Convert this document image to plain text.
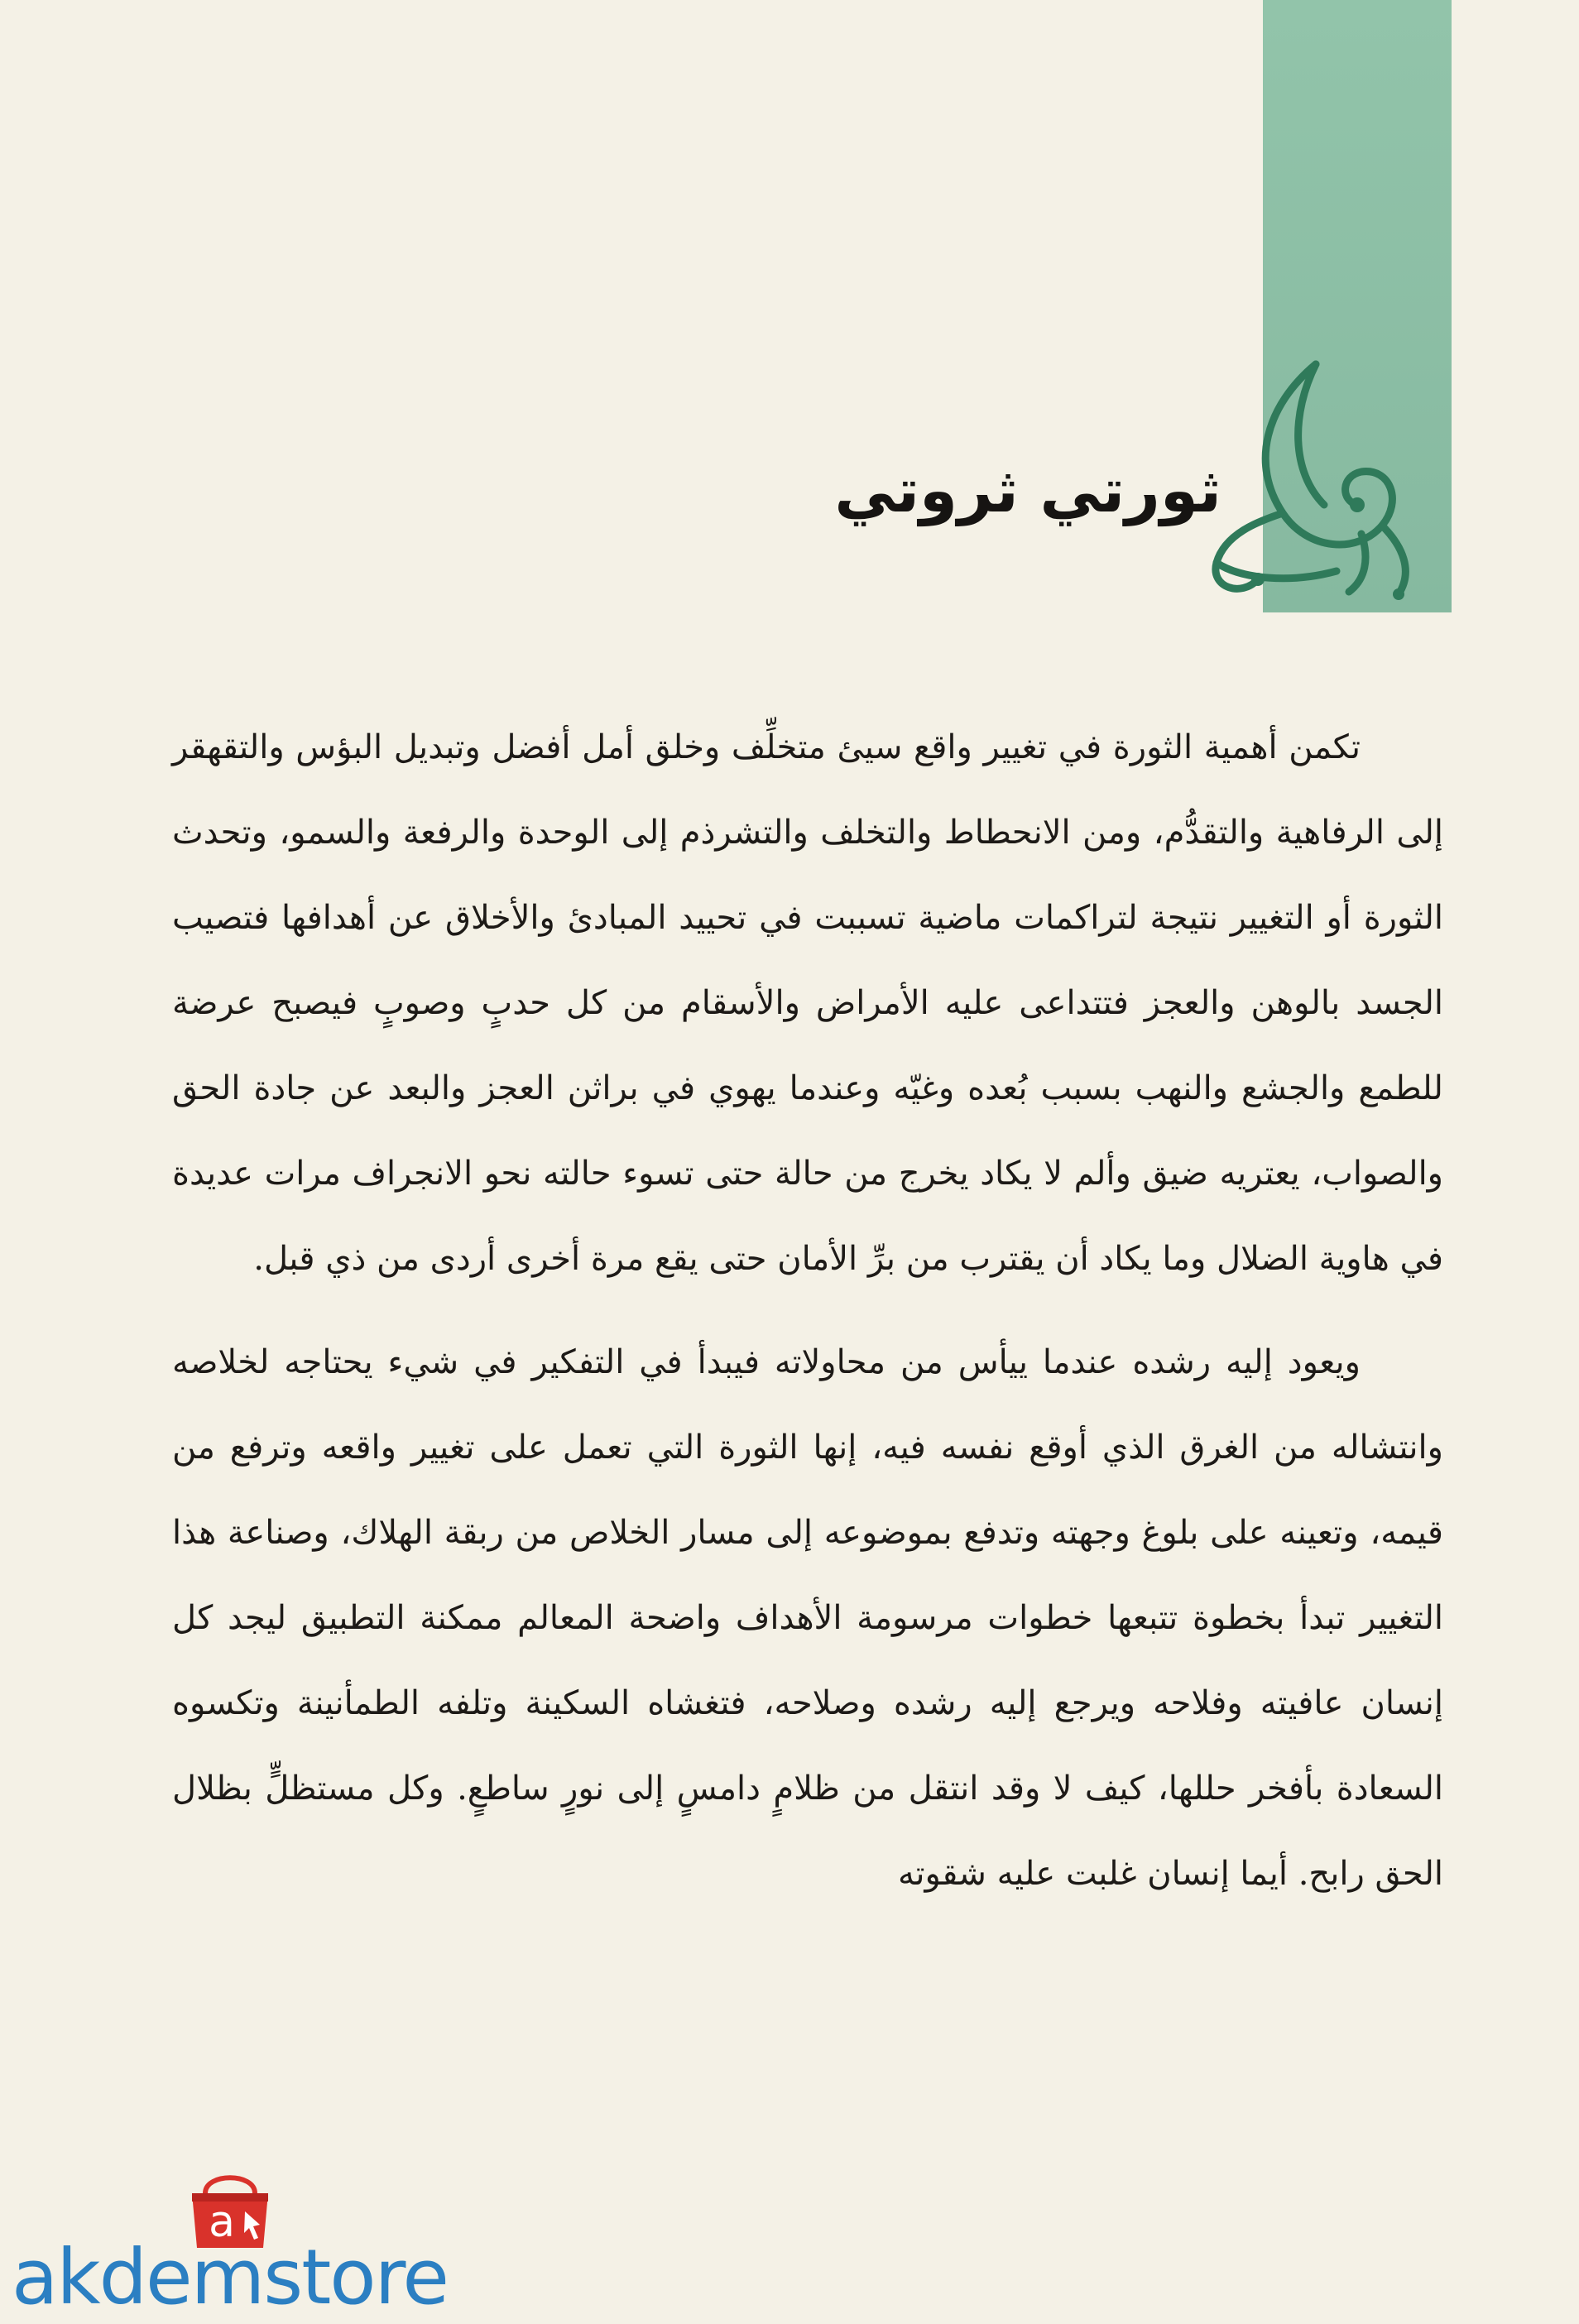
ثورتي ثروتي

تكمن أهمية الثورة في تغيير واقع سيئ متخلِّف وخلق أمل أفضل وتبديل البؤس والتقهقر إلى الرفاهية والتقدُّم، ومن الانحطاط والتخلف والتشرذم إلى الوحدة والرفعة والسمو، وتحدث الثورة أو التغيير نتيجة لتراكمات ماضية تسببت في تحييد المبادئ والأخلاق عن أهدافها فتصيب الجسد بالوهن والعجز فتتداعى عليه الأمراض والأسقام من كل حدبٍ وصوبٍ فيصبح عرضة للطمع والجشع والنهب بسبب بُعده وغيّه وعندما يهوي في براثن العجز والبعد عن جادة الحق والصواب، يعتريه ضيق وألم لا يكاد يخرج من حالة حتى تسوء حالته نحو الانجراف مرات عديدة في هاوية الضلال وما يكاد أن يقترب من برِّ الأمان حتى يقع مرة أخرى أردى من ذي قبل.

ويعود إليه رشده عندما ييأس من محاولاته فيبدأ في التفكير في شيء يحتاجه لخلاصه وانتشاله من الغرق الذي أوقع نفسه فيه، إنها الثورة التي تعمل على تغيير واقعه وترفع من قيمه، وتعينه على بلوغ وجهته وتدفع بموضوعه إلى مسار الخلاص من ربقة الهلاك، وصناعة هذا التغيير تبدأ بخطوة تتبعها خطوات مرسومة الأهداف واضحة المعالم ممكنة التطبيق ليجد كل إنسان عافيته وفلاحه ويرجع إليه رشده وصلاحه، فتغشاه السكينة وتلفه الطمأنينة وتكسوه السعادة بأفخر حللها، كيف لا وقد انتقل من ظلامٍ دامسٍ إلى نورٍ ساطعٍ. وكل مستظلٍّ بظلال الحق رابح. أيما إنسان غلبت عليه شقوته

a
akdemstore
